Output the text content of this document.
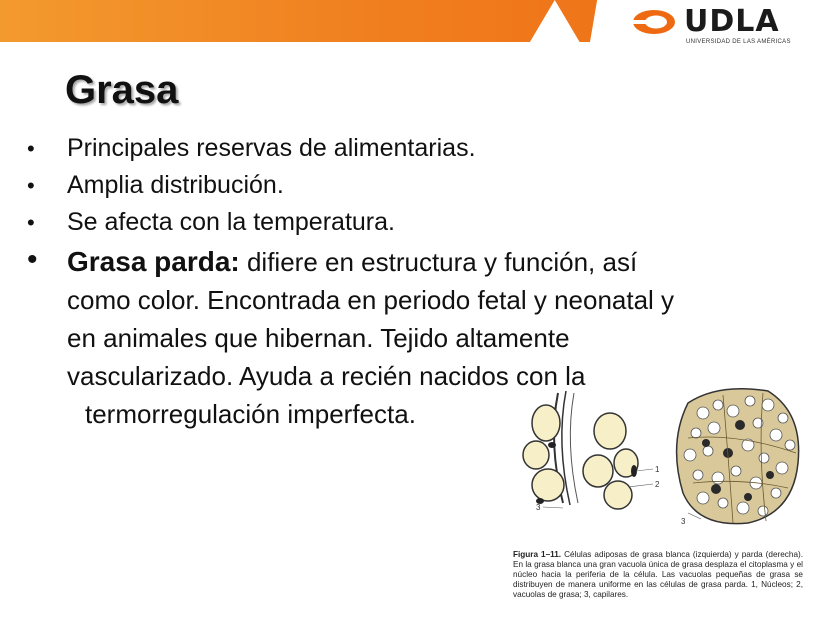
UDLA
UNIVERSIDAD DE LAS AMÉRICAS
Grasa
• Principales reservas de alimentarias.
• Amplia distribución.
• Se afecta con la temperatura.
• Grasa parda: difiere en estructura y función, así
como color. Encontrada en periodo fetal y neonatal y
en animales que hibernan. Tejido altamente
vascularizado. Ayuda a recién nacidos con la
termorregulación imperfecta.
1
2
3
3
Figura 1–11. Células adiposas de grasa blanca (izquierda) y parda (derecha). En la grasa blanca una gran vacuola única de grasa desplaza el citoplasma y el núcleo hacia la periferia de la célula. Las vacuolas pequeñas de grasa se distribuyen de manera uniforme en las células de grasa parda. 1, Núcleos; 2, vacuolas de grasa; 3, capilares.
